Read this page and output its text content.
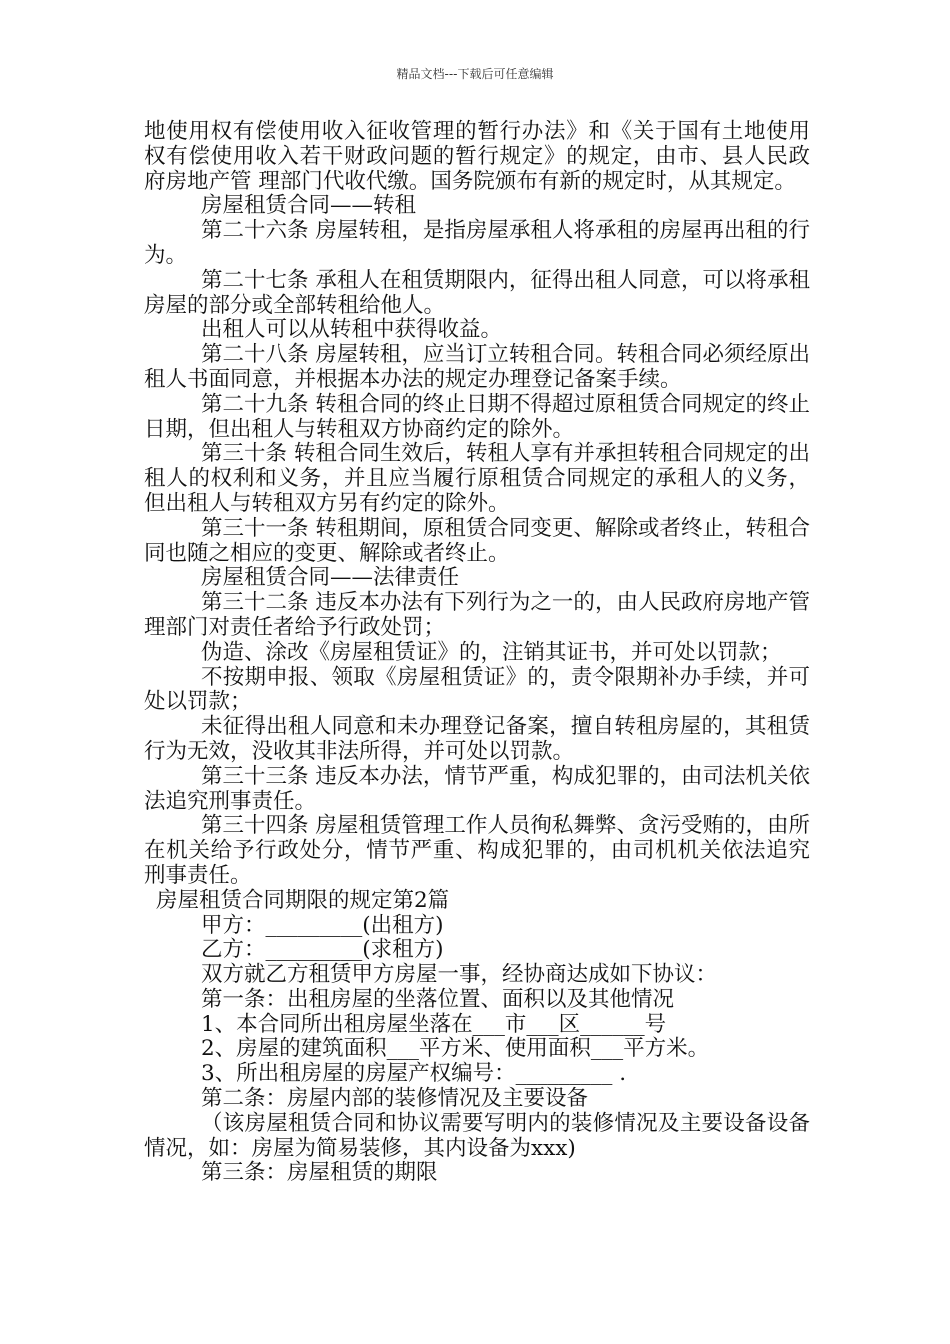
精品文档---下载后可任意编辑

地使用权有偿使用收入征收管理的暂行办法》和《关于国有土地使用权有偿使用收入若干财政问题的暂行规定》的规定，由市、县人民政府房地产管 理部门代收代缴。国务院颁布有新的规定时，从其规定。

房屋租赁合同——转租

第二十六条 房屋转租，是指房屋承租人将承租的房屋再出租的行为。

第二十七条 承租人在租赁期限内，征得出租人同意，可以将承租房屋的部分或全部转租给他人。

出租人可以从转租中获得收益。

第二十八条 房屋转租，应当订立转租合同。转租合同必须经原出租人书面同意，并根据本办法的规定办理登记备案手续。

第二十九条 转租合同的终止日期不得超过原租赁合同规定的终止日期，但出租人与转租双方协商约定的除外。

第三十条 转租合同生效后，转租人享有并承担转租合同规定的出租人的权利和义务，并且应当履行原租赁合同规定的承租人的义务，但出租人与转租双方另有约定的除外。

第三十一条 转租期间，原租赁合同变更、解除或者终止，转租合同也随之相应的变更、解除或者终止。

房屋租赁合同——法律责任

第三十二条 违反本办法有下列行为之一的，由人民政府房地产管理部门对责任者给予行政处罚；

伪造、涂改《房屋租赁证》的，注销其证书，并可处以罚款；

不按期申报、领取《房屋租赁证》的，责令限期补办手续，并可处以罚款；

未征得出租人同意和未办理登记备案，擅自转租房屋的，其租赁行为无效，没收其非法所得，并可处以罚款。

第三十三条 违反本办法，情节严重，构成犯罪的，由司法机关依法追究刑事责任。

第三十四条 房屋租赁管理工作人员徇私舞弊、贪污受贿的，由所在机关给予行政处分，情节严重、构成犯罪的，由司机机关依法追究刑事责任。

房屋租赁合同期限的规定第2篇

甲方：_________(出租方)

乙方：_________(求租方)

双方就乙方租赁甲方房屋一事，经协商达成如下协议：

第一条：出租房屋的坐落位置、面积以及其他情况

1、本合同所出租房屋坐落在___市___区______号

2、房屋的建筑面积___平方米、使用面积___平方米。

3、所出租房屋的房屋产权编号：_________ .

第二条：房屋内部的装修情况及主要设备

（该房屋租赁合同和协议需要写明内的装修情况及主要设备设备情况，如：房屋为简易装修，其内设备为xxx)

第三条：房屋租赁的期限
